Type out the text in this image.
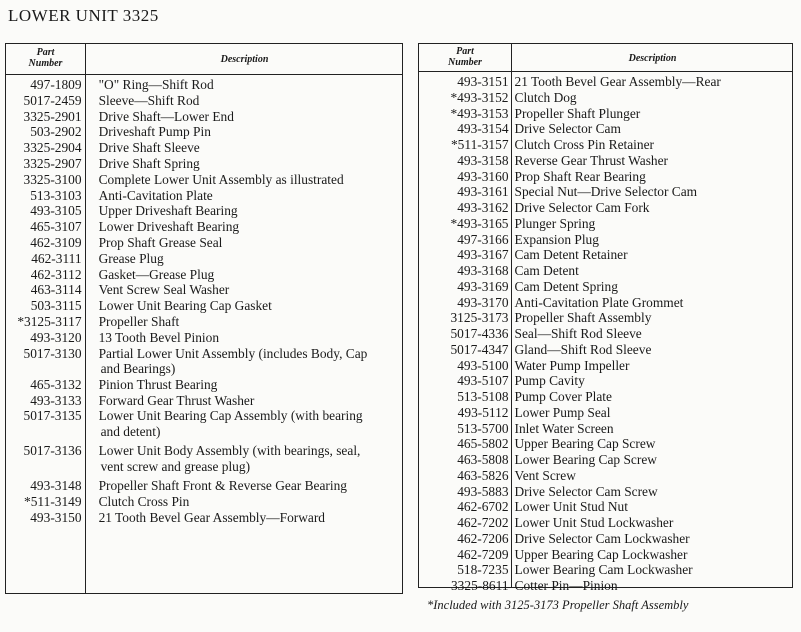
LOWER UNIT 3325
Part
Number	Description
497-1809	"O" Ring—Shift Rod
5017-2459	Sleeve—Shift Rod
3325-2901	Drive Shaft—Lower End
503-2902	Driveshaft Pump Pin
3325-2904	Drive Shaft Sleeve
3325-2907	Drive Shaft Spring
3325-3100	Complete Lower Unit Assembly as illustrated
513-3103	Anti-Cavitation Plate
493-3105	Upper Driveshaft Bearing
465-3107	Lower Driveshaft Bearing
462-3109	Prop Shaft Grease Seal
462-3111	Grease Plug
462-3112	Gasket—Grease Plug
463-3114	Vent Screw Seal Washer
503-3115	Lower Unit Bearing Cap Gasket
*3125-3117	Propeller Shaft
493-3120	13 Tooth Bevel Pinion
5017-3130	Partial Lower Unit Assembly (includes Body, Cap and Bearings)
465-3132	Pinion Thrust Bearing
493-3133	Forward Gear Thrust Washer
5017-3135	Lower Unit Bearing Cap Assembly (with bearing and detent)
5017-3136	Lower Unit Body Assembly (with bearings, seal, vent screw and grease plug)
493-3148	Propeller Shaft Front & Reverse Gear Bearing
*511-3149	Clutch Cross Pin
493-3150	21 Tooth Bevel Gear Assembly—Forward
Part
Number	Description
493-3151 21 Tooth Bevel Gear Assembly—Rear
*493-3152 Clutch Dog
*493-3153 Propeller Shaft Plunger
493-3154 Drive Selector Cam
*511-3157 Clutch Cross Pin Retainer
493-3158 Reverse Gear Thrust Washer
493-3160 Prop Shaft Rear Bearing
493-3161 Special Nut—Drive Selector Cam
493-3162 Drive Selector Cam Fork
*493-3165 Plunger Spring
497-3166 Expansion Plug
493-3167 Cam Detent Retainer
493-3168 Cam Detent
493-3169 Cam Detent Spring
493-3170 Anti-Cavitation Plate Grommet
3125-3173 Propeller Shaft Assembly
5017-4336 Seal—Shift Rod Sleeve
5017-4347 Gland—Shift Rod Sleeve
493-5100 Water Pump Impeller
493-5107 Pump Cavity
513-5108 Pump Cover Plate
493-5112 Lower Pump Seal
513-5700 Inlet Water Screen
465-5802 Upper Bearing Cap Screw
463-5808 Lower Bearing Cap Screw
463-5826 Vent Screw
493-5883 Drive Selector Cam Screw
462-6702 Lower Unit Stud Nut
462-7202 Lower Unit Stud Lockwasher
462-7206 Drive Selector Cam Lockwasher
462-7209 Upper Bearing Cap Lockwasher
518-7235 Lower Bearing Cam Lockwasher
3325-8611 Cotter Pin—Pinion
*Included with 3125-3173 Propeller Shaft Assembly
